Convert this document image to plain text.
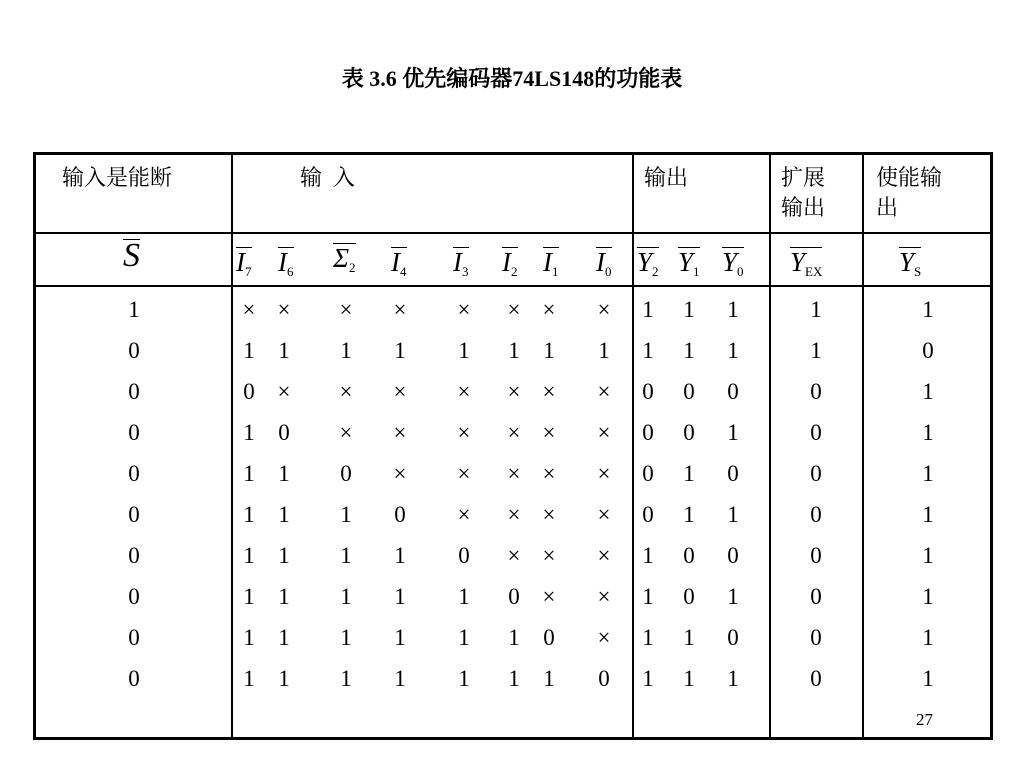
表 3.6 优先编码器74LS148的功能表
输入是能断	输  入	输出	扩展
输出
使能输
出
27
S	$I_7$ $I_6$ $\Sigma_2$ $I_4$ $I_3$ $I_2$ $I_1$ $I_0$ $Y_2$ $Y_1$ $Y_0$ $Y_{EX}$	$Y_S$
1	× × × × × × × × 1 1 1	1	1
0	1 1 1 1 1 1 1 1 1 1 1	1	0
0	0 × × × × × × × 0 0 0	0	1
0	1 0 × × × × × × 0 0 1	0	1
0	1 1 0 × × × × × 0 1 0	0	1
0	1 1 1 0 × × × × 0 1 1	0	1
0	1 1 1 1 0 × × × 1 0 0	0	1
0	1 1 1 1 1 0 × × 1 0 1	0	1
0	1 1 1 1 1 1 0 × 1 1 0	0	1
0	1 1 1 1 1 1 1 0 1 1 1	0	1
